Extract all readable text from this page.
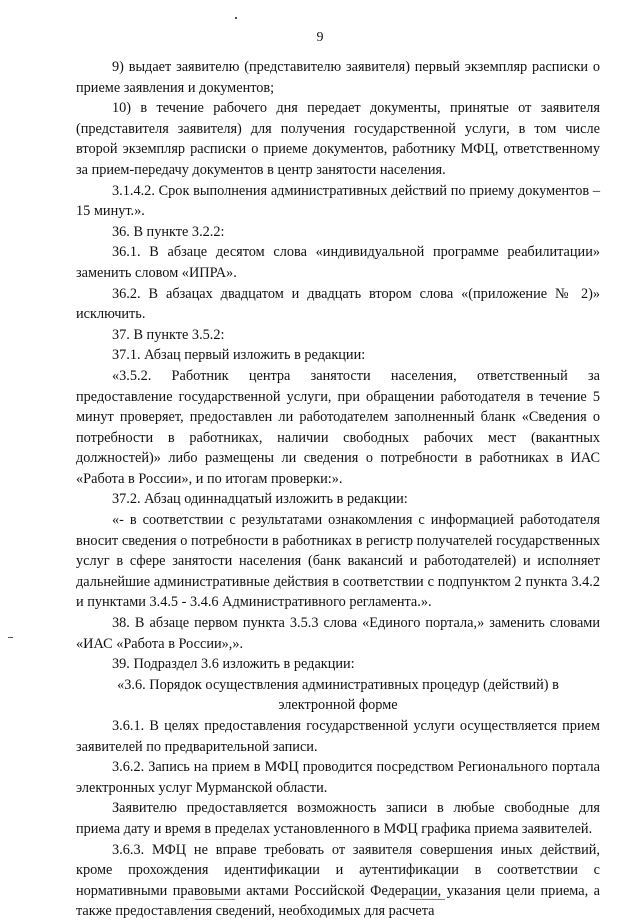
9

9) выдает заявителю (представителю заявителя) первый экземпляр расписки о приеме заявления и документов;

10) в течение рабочего дня передает документы, принятые от заявителя (представителя заявителя) для получения государственной услуги, в том числе второй экземпляр расписки о приеме документов, работнику МФЦ, ответственному за прием-передачу документов в центр занятости населения.

3.1.4.2. Срок выполнения административных действий по приему документов – 15 минут.».

36. В пункте 3.2.2:

36.1. В абзаце десятом слова «индивидуальной программе реабилитации» заменить словом «ИПРА».

36.2. В абзацах двадцатом и двадцать втором слова «(приложение № 2)» исключить.

37. В пункте 3.5.2:

37.1. Абзац первый изложить в редакции:

«3.5.2. Работник центра занятости населения, ответственный за предоставление государственной услуги, при обращении работодателя в течение 5 минут проверяет, предоставлен ли работодателем заполненный бланк «Сведения о потребности в работниках, наличии свободных рабочих мест (вакантных должностей)» либо размещены ли сведения о потребности в работниках в ИАС «Работа в России», и по итогам проверки:».

37.2. Абзац одиннадцатый изложить в редакции:

«- в соответствии с результатами ознакомления с информацией работодателя вносит сведения о потребности в работниках в регистр получателей государственных услуг в сфере занятости населения (банк вакансий и работодателей) и исполняет дальнейшие административные действия в соответствии с подпунктом 2 пункта 3.4.2 и пунктами 3.4.5 - 3.4.6 Административного регламента.».

38. В абзаце первом пункта 3.5.3 слова «Единого портала,» заменить словами «ИАС «Работа в России»,».

39. Подраздел 3.6 изложить в редакции:

«3.6. Порядок осуществления административных процедур (действий) в электронной форме

3.6.1. В целях предоставления государственной услуги осуществляется прием заявителей по предварительной записи.

3.6.2. Запись на прием в МФЦ проводится посредством Регионального портала электронных услуг Мурманской области.

Заявителю предоставляется возможность записи в любые свободные для приема дату и время в пределах установленного в МФЦ графика приема заявителей.

3.6.3. МФЦ не вправе требовать от заявителя совершения иных действий, кроме прохождения идентификации и аутентификации в соответствии с нормативными правовыми актами Российской Федерации, указания цели приема, а также предоставления сведений, необходимых для расчета
